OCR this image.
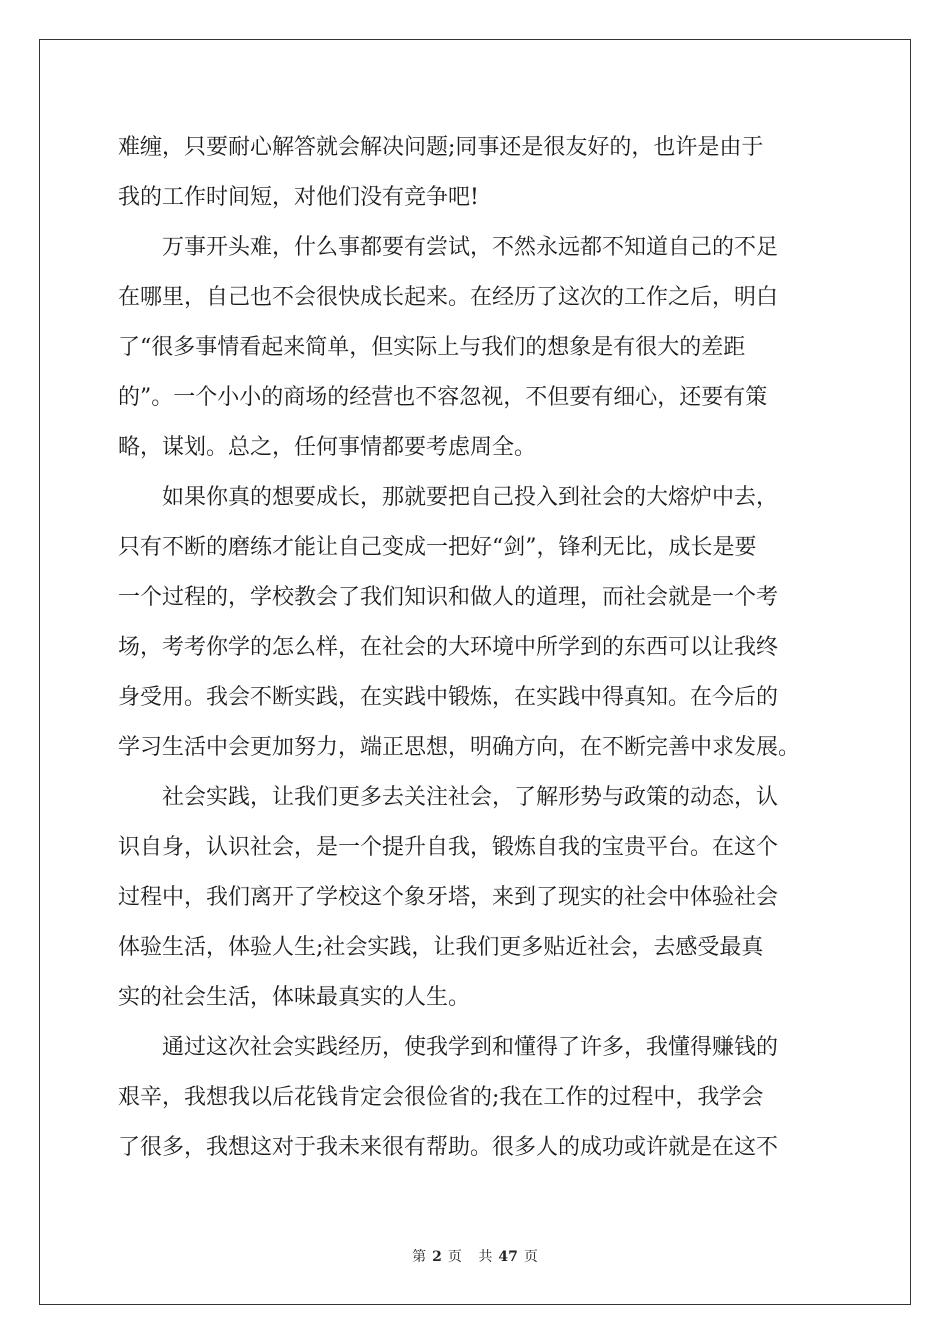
难缠，只要耐心解答就会解决问题;同事还是很友好的，也许是由于
我的工作时间短，对他们没有竞争吧!
万事开头难，什么事都要有尝试，不然永远都不知道自己的不足
在哪里，自己也不会很快成长起来。在经历了这次的工作之后，明白
了“很多事情看起来简单，但实际上与我们的想象是有很大的差距
的”。一个小小的商场的经营也不容忽视，不但要有细心，还要有策
略，谋划。总之，任何事情都要考虑周全。
如果你真的想要成长，那就要把自己投入到社会的大熔炉中去，
只有不断的磨练才能让自己变成一把好“剑”，锋利无比，成长是要
一个过程的，学校教会了我们知识和做人的道理，而社会就是一个考
场，考考你学的怎么样，在社会的大环境中所学到的东西可以让我终
身受用。我会不断实践，在实践中锻炼，在实践中得真知。在今后的
学习生活中会更加努力，端正思想，明确方向，在不断完善中求发展。
社会实践，让我们更多去关注社会，了解形势与政策的动态，认
识自身，认识社会，是一个提升自我，锻炼自我的宝贵平台。在这个
过程中，我们离开了学校这个象牙塔，来到了现实的社会中体验社会
体验生活，体验人生;社会实践，让我们更多贴近社会，去感受最真
实的社会生活，体味最真实的人生。
通过这次社会实践经历，使我学到和懂得了许多，我懂得赚钱的
艰辛，我想我以后花钱肯定会很俭省的;我在工作的过程中，我学会
了很多，我想这对于我未来很有帮助。很多人的成功或许就是在这不
第 2 页 共 47 页
